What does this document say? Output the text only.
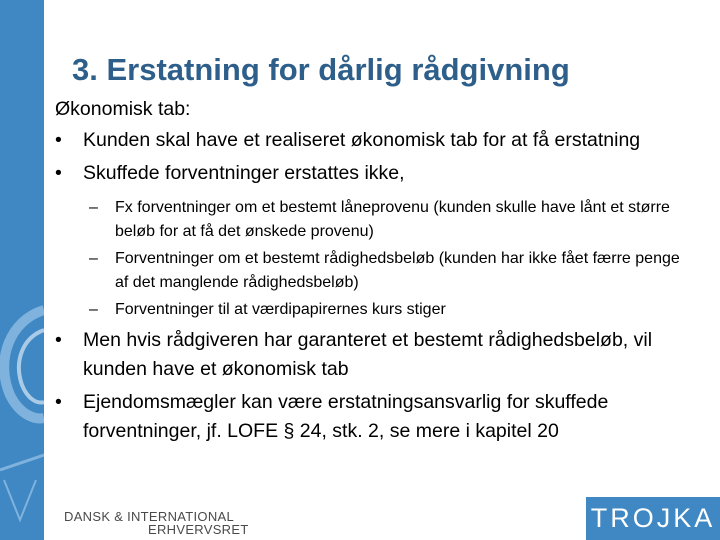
3. Erstatning for dårlig rådgivning

Økonomisk tab:

•	Kunden skal have et realiseret økonomisk tab for at få erstatning
•	Skuffede forventninger erstattes ikke,
– Fx forventninger om et bestemt låneprovenu (kunden skulle have lånt et større beløb for at få det ønskede provenu)
– Forventninger om et bestemt rådighedsbeløb (kunden har ikke fået færre penge af det manglende rådighedsbeløb)
– Forventninger til at værdipapirernes kurs stiger
•	Men hvis rådgiveren har garanteret et bestemt rådighedsbeløb, vil kunden have et økonomisk tab
•	Ejendomsmægler kan være erstatningsansvarlig for skuffede forventninger, jf. LOFE § 24, stk. 2, se mere i kapitel 20
DANSK & INTERNATIONAL
ERHVERVSRET	TROJKA
